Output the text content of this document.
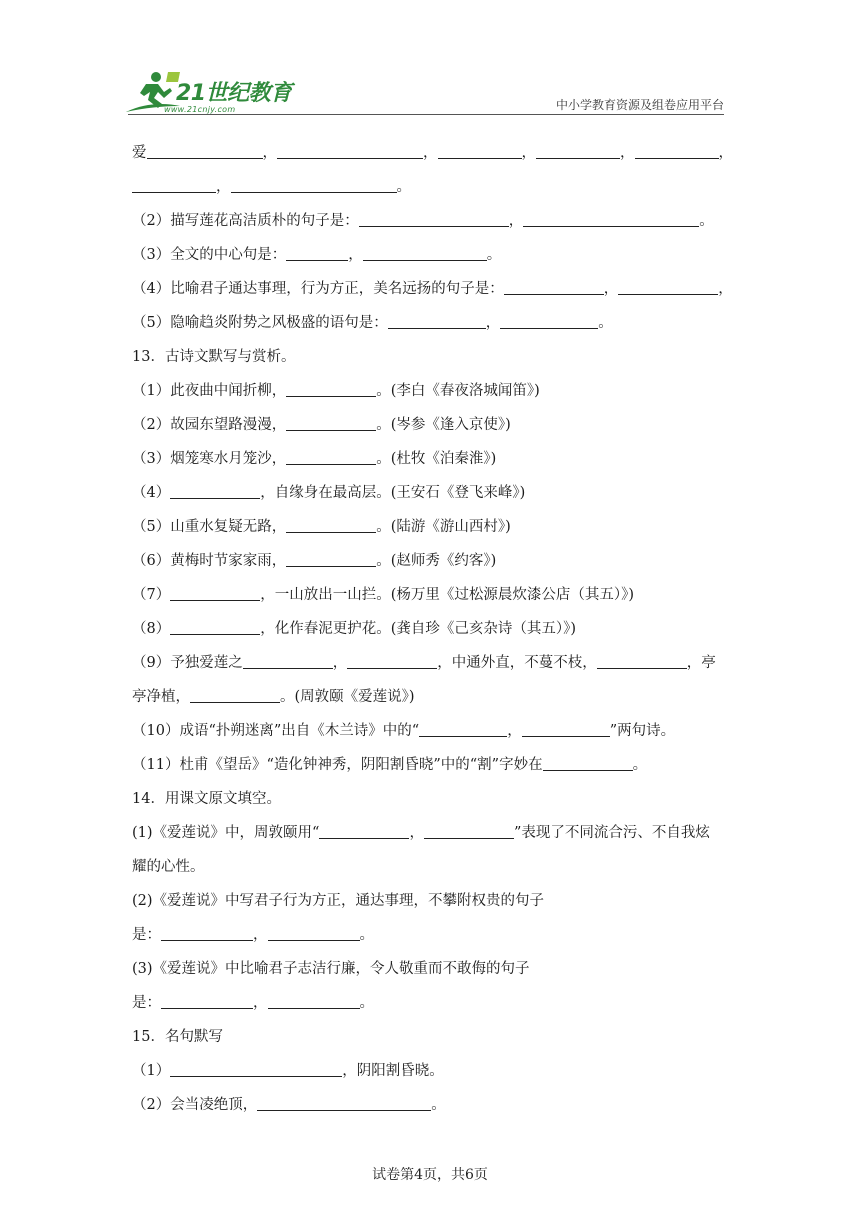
21世纪教育
www.21cnjy.com	中小学教育资源及组卷应用平台
爱	，	，	，	，	，
，	。
（2）描写莲花高洁质朴的句子是：	，	。
（3）全文的中心句是：	，	。
（4）比喻君子通达事理，行为方正，美名远扬的句子是：	，	，
（5）隐喻趋炎附势之风极盛的语句是：	，	。
13．古诗文默写与赏析。
（1）此夜曲中闻折柳，	。(李白《春夜洛城闻笛》)
（2）故园东望路漫漫，	。(岑参《逢入京使》)
（3）烟笼寒水月笼沙，	。(杜牧《泊秦淮》)
（4）	，自缘身在最高层。(王安石《登飞来峰》)
（5）山重水复疑无路，	。(陆游《游山西村》)
（6）黄梅时节家家雨，	。(赵师秀《约客》)
（7）	，一山放出一山拦。(杨万里《过松源晨炊漆公店（其五）》)
（8）	，化作春泥更护花。(龚自珍《己亥杂诗（其五）》)
（9）予独爱莲之	，	，中通外直，不蔓不枝，	，亭
亭净植，	。(周敦颐《爱莲说》)
（10）成语“扑朔迷离”出自《木兰诗》中的“	，	”两句诗。
（11）杜甫《望岳》“造化钟神秀，阴阳割昏晓”中的“割”字妙在	。
14．用课文原文填空。
(1)《爱莲说》中，周敦颐用“	，	”表现了不同流合污、不自我炫
耀的心性。
(2)《爱莲说》中写君子行为方正，通达事理，不攀附权贵的句子
是：	，	。
(3)《爱莲说》中比喻君子志洁行廉，令人敬重而不敢侮的句子
是：	，	。
15．名句默写
（1）	，阴阳割昏晓。
（2）会当凌绝顶，	。
试卷第4页，共6页
